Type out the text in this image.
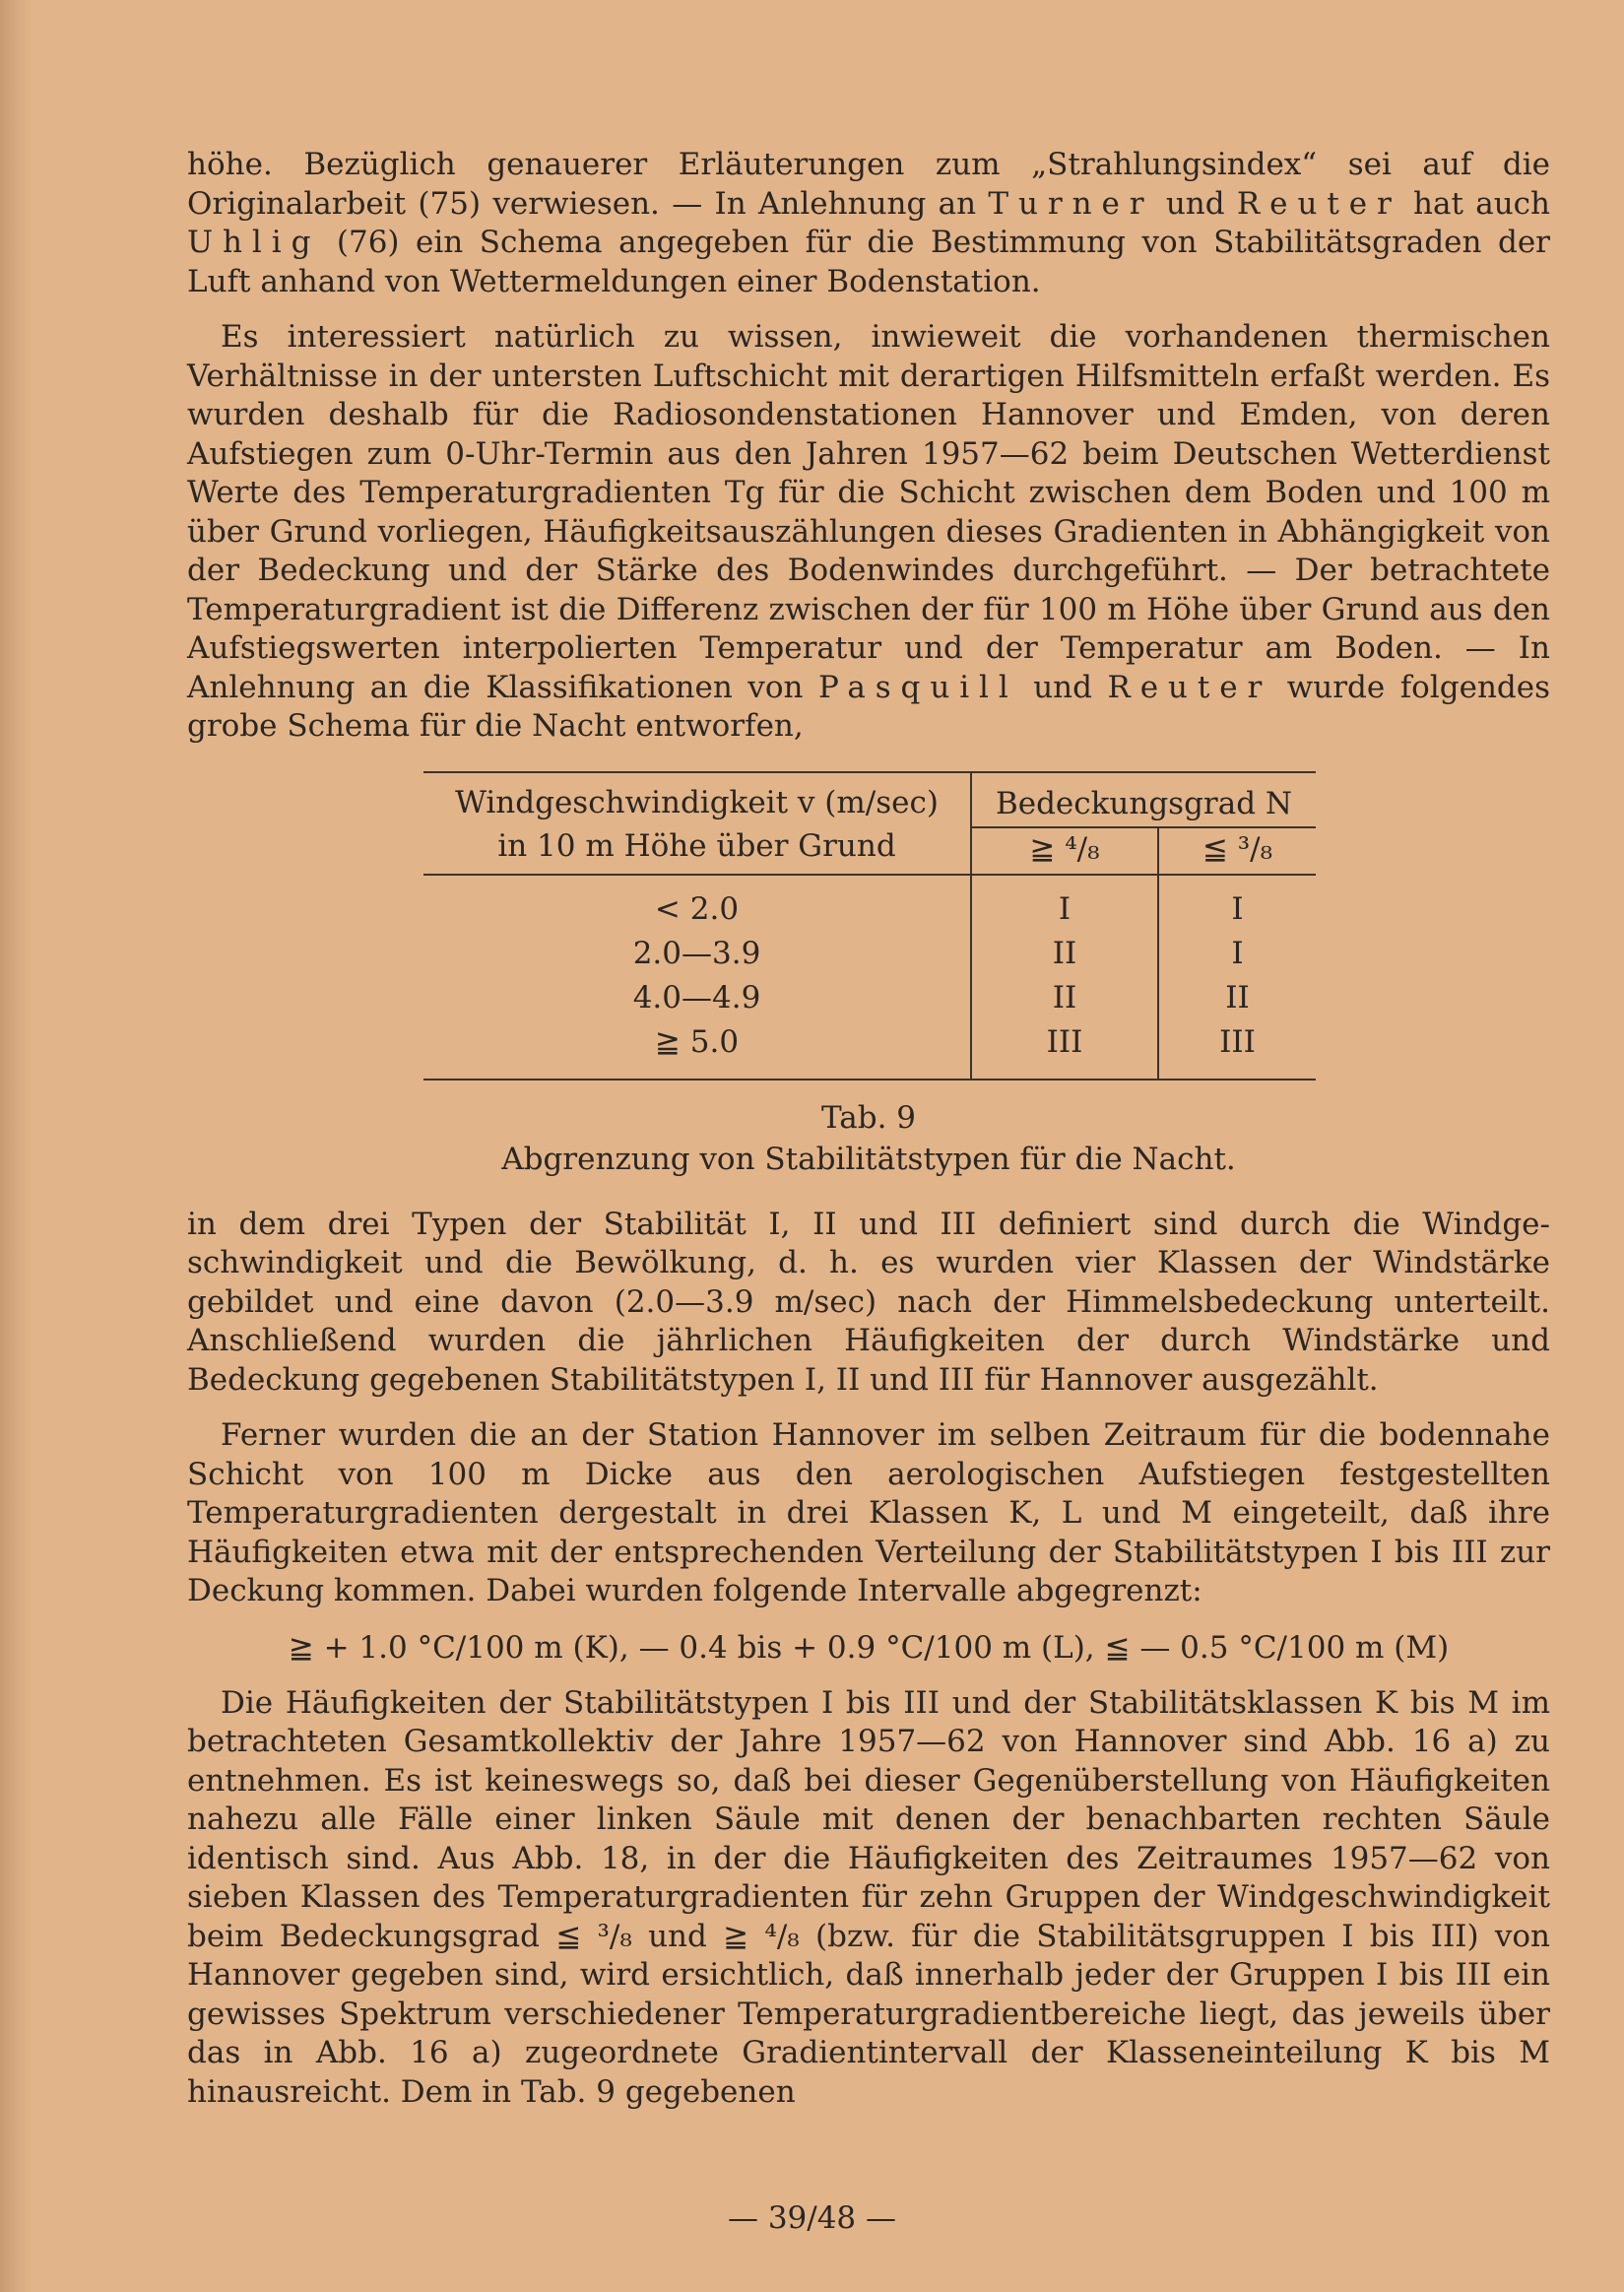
höhe. Bezüglich genauerer Erläuterungen zum „Strahlungsindex“ sei auf die Originalarbeit (75) verwiesen. — In Anlehnung an Turner und Reuter hat auch Uhlig (76) ein Schema angegeben für die Bestimmung von Stabilitätsgraden der Luft anhand von Wettermeldungen einer Bodenstation.

Es interessiert natürlich zu wissen, inwieweit die vorhandenen thermischen Verhältnisse in der untersten Luftschicht mit derartigen Hilfsmitteln erfaßt werden. Es wurden deshalb für die Radiosondenstationen Hannover und Emden, von deren Aufstiegen zum 0-Uhr-Termin aus den Jahren 1957—62 beim Deutschen Wetterdienst Werte des Temperaturgradienten Tg für die Schicht zwischen dem Boden und 100 m über Grund vorliegen, Häufigkeitsauszählungen dieses Gradienten in Abhängigkeit von der Bedeckung und der Stärke des Bodenwindes durchgeführt. — Der betrachtete Temperaturgradient ist die Differenz zwischen der für 100 m Höhe über Grund aus den Aufstiegswerten interpolierten Temperatur und der Temperatur am Boden. — In Anlehnung an die Klassifikationen von Pasquill und Reuter wurde folgendes grobe Schema für die Nacht entworfen,

Windgeschwindigkeit v (m/sec)
in 10 m Höhe über Grund	Bedeckungsgrad N	
	≧ ⁴/₈	≦ ³/₈

< 2.0	I	I
2.0—3.9	II	I
4.0—4.9	II	II
≧ 5.0	III	III
Tab. 9
Abgrenzung von Stabilitätstypen für die Nacht.

in dem drei Typen der Stabilität I, II und III definiert sind durch die Windgeschwindigkeit und die Bewölkung, d. h. es wurden vier Klassen der Windstärke gebildet und eine davon (2.0—3.9 m/sec) nach der Himmelsbedeckung unterteilt. Anschließend wurden die jährlichen Häufigkeiten der durch Windstärke und Bedeckung gegebenen Stabilitätstypen I, II und III für Hannover ausgezählt.

Ferner wurden die an der Station Hannover im selben Zeitraum für die bodennahe Schicht von 100 m Dicke aus den aerologischen Aufstiegen festgestellten Temperaturgradienten dergestalt in drei Klassen K, L und M eingeteilt, daß ihre Häufigkeiten etwa mit der entsprechenden Verteilung der Stabilitätstypen I bis III zur Deckung kommen. Dabei wurden folgende Intervalle abgegrenzt:

≧ + 1.0 °C/100 m (K), — 0.4 bis + 0.9 °C/100 m (L), ≦ — 0.5 °C/100 m (M)

Die Häufigkeiten der Stabilitätstypen I bis III und der Stabilitätsklassen K bis M im betrachteten Gesamtkollektiv der Jahre 1957—62 von Hannover sind Abb. 16 a) zu entnehmen. Es ist keineswegs so, daß bei dieser Gegenüberstellung von Häufigkeiten nahezu alle Fälle einer linken Säule mit denen der benachbarten rechten Säule identisch sind. Aus Abb. 18, in der die Häufigkeiten des Zeitraumes 1957—62 von sieben Klassen des Temperaturgradienten für zehn Gruppen der Windgeschwindigkeit beim Bedeckungsgrad ≦ ³/₈ und ≧ ⁴/₈ (bzw. für die Stabilitätsgruppen I bis III) von Hannover gegeben sind, wird ersichtlich, daß innerhalb jeder der Gruppen I bis III ein gewisses Spektrum verschiedener Temperaturgradientbereiche liegt, das jeweils über das in Abb. 16 a) zugeordnete Gradientintervall der Klasseneinteilung K bis M hinausreicht. Dem in Tab. 9 gegebenen

— 39/48 —
